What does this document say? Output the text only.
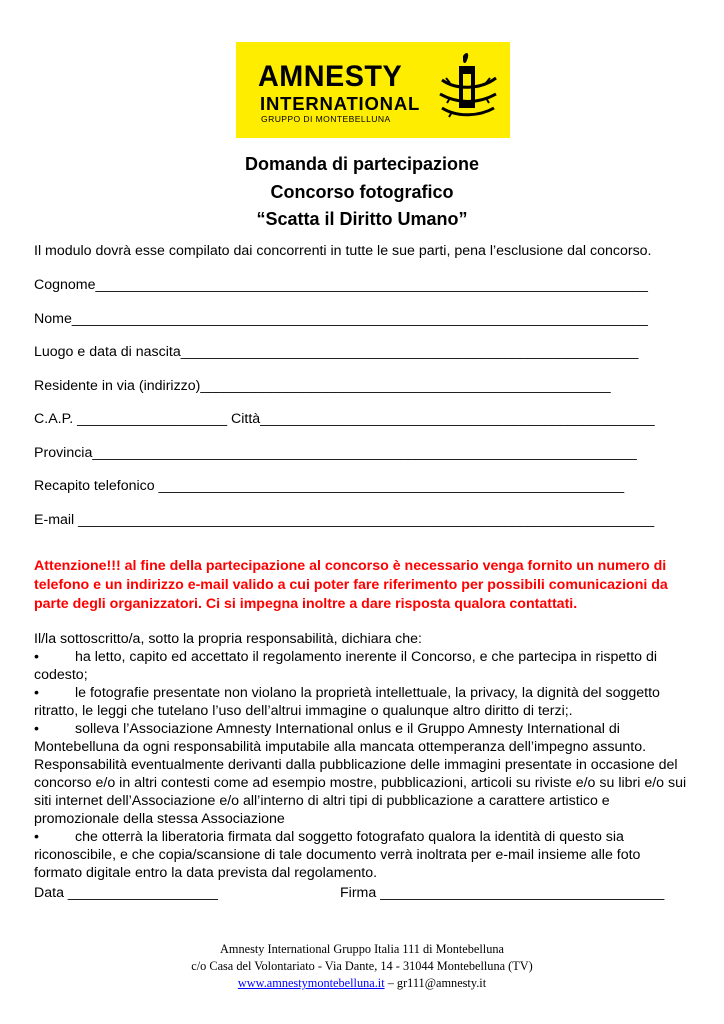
AMNESTY
INTERNATIONAL
GRUPPO DI MONTEBELLUNA
Domanda di partecipazione
Concorso fotografico
“Scatta il Diritto Umano”
Il modulo dovrà esse compilato dai concorrenti in tutte le sue parti, pena l’esclusione dal concorso.
Cognome______________________________________________________________________
Nome_________________________________________________________________________
Luogo e data di nascita__________________________________________________________
Residente in via (indirizzo)____________________________________________________
C.A.P. ___________________ Città__________________________________________________
Provincia_____________________________________________________________________
Recapito telefonico ___________________________________________________________
E-mail _________________________________________________________________________

Attenzione!!! al fine della partecipazione al concorso è necessario venga fornito un numero di telefono e un indirizzo e-mail valido a cui poter fare riferimento per possibili comunicazioni da parte degli organizzatori. Ci si impegna inoltre a dare risposta qualora contattati.

Il/la sottoscritto/a, sotto la propria responsabilità, dichiara che:

•	ha letto, capito ed accettato il regolamento inerente il Concorso, e che partecipa in rispetto di codesto;

•	le fotografie presentate non violano la proprietà intellettuale, la privacy, la dignità del soggetto ritratto, le leggi che tutelano l’uso dell’altrui immagine o qualunque altro diritto di terzi;.

•	solleva l’Associazione Amnesty International onlus e il Gruppo Amnesty International di Montebelluna da ogni responsabilità imputabile alla mancata ottemperanza dell’impegno assunto. Responsabilità eventualmente derivanti dalla pubblicazione delle immagini presentate in occasione del concorso e/o in altri contesti come ad esempio mostre, pubblicazioni, articoli su riviste e/o su libri e/o sui siti internet dell’Associazione e/o all’interno di altri tipi di pubblicazione a carattere artistico e promozionale della stessa Associazione

•	che otterrà la liberatoria firmata dal soggetto fotografato qualora la identità di questo sia riconoscibile, e che copia/scansione di tale documento verrà inoltrata per e-mail insieme alle foto formato digitale entro la data prevista dal regolamento.

Data ___________________	Firma ____________________________________
Amnesty International Gruppo Italia 111 di Montebelluna
c/o Casa del Volontariato - Via Dante, 14 - 31044 Montebelluna (TV)
www.amnestymontebelluna.it – gr111@amnesty.it
